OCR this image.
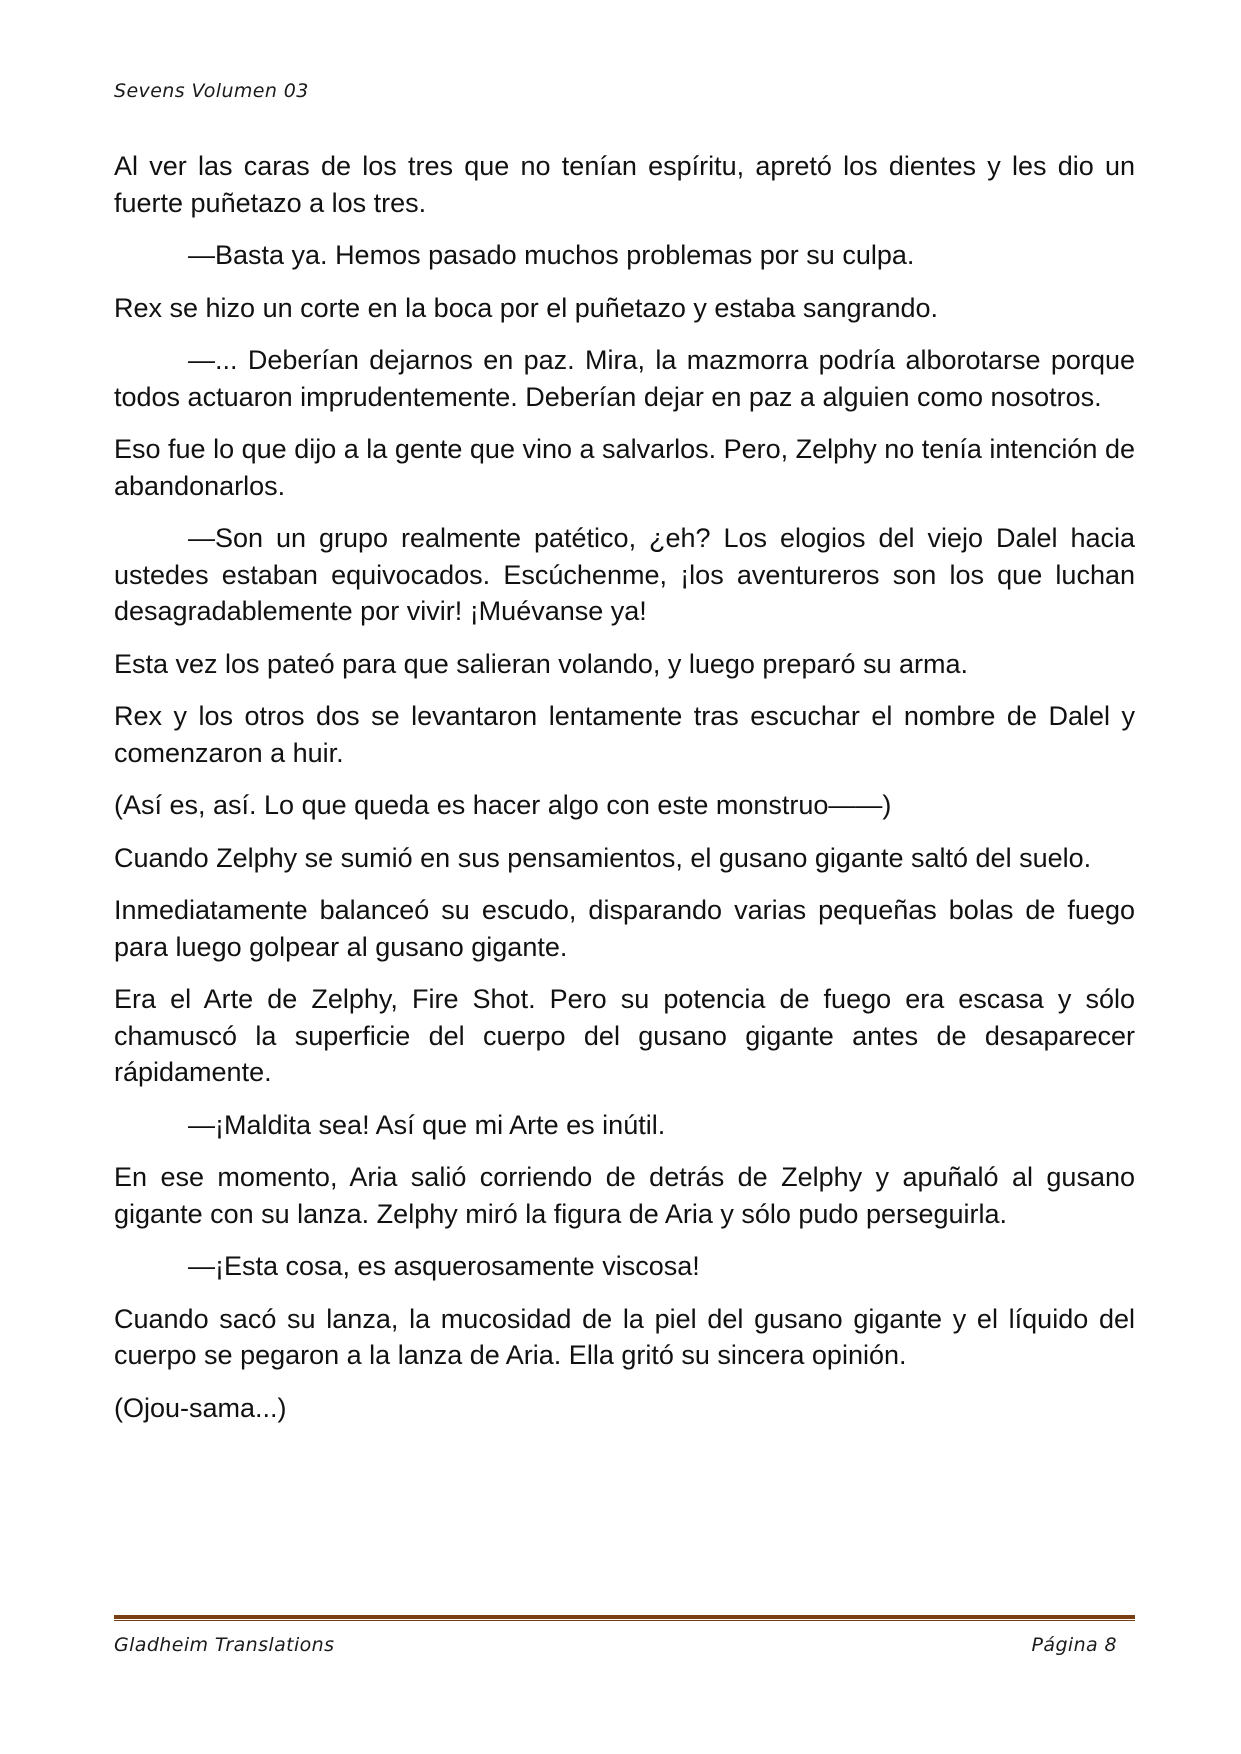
Sevens Volumen 03

Al ver las caras de los tres que no tenían espíritu, apretó los dientes y les dio un fuerte puñetazo a los tres.

—Basta ya. Hemos pasado muchos problemas por su culpa.

Rex se hizo un corte en la boca por el puñetazo y estaba sangrando.

—... Deberían dejarnos en paz. Mira, la mazmorra podría alborotarse porque todos actuaron imprudentemente. Deberían dejar en paz a alguien como nosotros.

Eso fue lo que dijo a la gente que vino a salvarlos. Pero, Zelphy no tenía intención de abandonarlos.

—Son un grupo realmente patético, ¿eh? Los elogios del viejo Dalel hacia ustedes estaban equivocados. Escúchenme, ¡los aventureros son los que luchan desagradablemente por vivir! ¡Muévanse ya!

Esta vez los pateó para que salieran volando, y luego preparó su arma.

Rex y los otros dos se levantaron lentamente tras escuchar el nombre de Dalel y comenzaron a huir.

(Así es, así. Lo que queda es hacer algo con este monstruo——)

Cuando Zelphy se sumió en sus pensamientos, el gusano gigante saltó del suelo.

Inmediatamente balanceó su escudo, disparando varias pequeñas bolas de fuego para luego golpear al gusano gigante.

Era el Arte de Zelphy, Fire Shot. Pero su potencia de fuego era escasa y sólo chamuscó la superficie del cuerpo del gusano gigante antes de desaparecer rápidamente.

—¡Maldita sea! Así que mi Arte es inútil.

En ese momento, Aria salió corriendo de detrás de Zelphy y apuñaló al gusano gigante con su lanza. Zelphy miró la figura de Aria y sólo pudo perseguirla.

—¡Esta cosa, es asquerosamente viscosa!

Cuando sacó su lanza, la mucosidad de la piel del gusano gigante y el líquido del cuerpo se pegaron a la lanza de Aria. Ella gritó su sincera opinión.

(Ojou-sama...)

Gladheim Translations	Página 8
